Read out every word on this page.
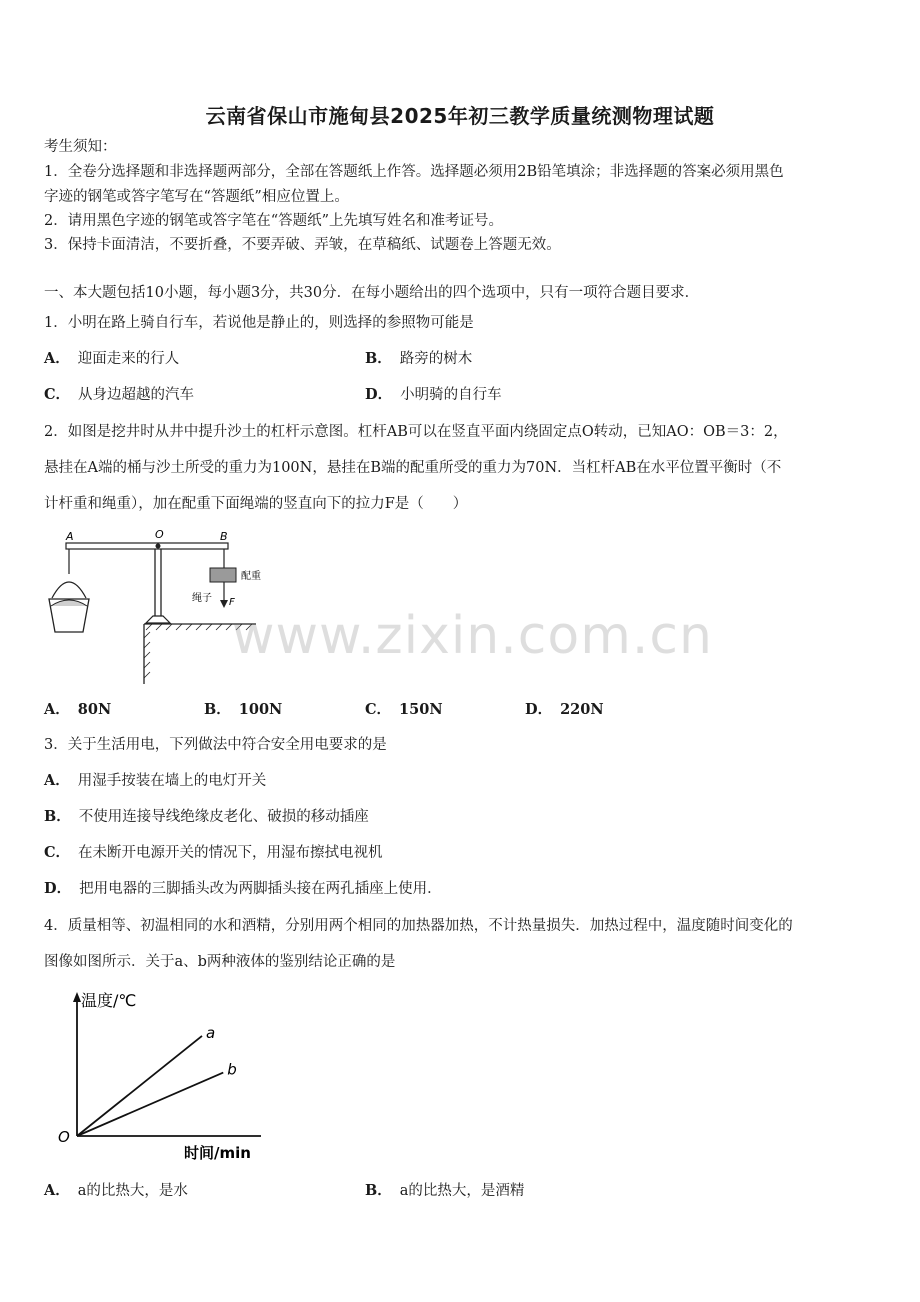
云南省保山市施甸县2025年初三教学质量统测物理试题
考生须知：
1．全卷分选择题和非选择题两部分，全部在答题纸上作答。选择题必须用2B铅笔填涂；非选择题的答案必须用黑色
字迹的钢笔或答字笔写在“答题纸”相应位置上。
2．请用黑色字迹的钢笔或答字笔在“答题纸”上先填写姓名和准考证号。
3．保持卡面清洁，不要折叠，不要弄破、弄皱，在草稿纸、试题卷上答题无效。
一、本大题包括10小题，每小题3分，共30分．在每小题给出的四个选项中，只有一项符合题目要求．
1．小明在路上骑自行车，若说他是静止的，则选择的参照物可能是
A． 迎面走来的行人	B． 路旁的树木
C． 从身边超越的汽车	D． 小明骑的自行车
2．如图是挖井时从井中提升沙土的杠杆示意图。杠杆AB可以在竖直平面内绕固定点O转动，已知AO：OB＝3：2，
悬挂在A端的桶与沙土所受的重力为100N，悬挂在B端的配重所受的重力为70N．当杠杆AB在水平位置平衡时（不
计杆重和绳重），加在配重下面绳端的竖直向下的拉力F是（　　）
A	O	B
配重
绳子 F
www.zixin.com.cn
A． 80N	B． 100N	C． 150N	D． 220N
3．关于生活用电，下列做法中符合安全用电要求的是
A． 用湿手按装在墙上的电灯开关
B． 不使用连接导线绝缘皮老化、破损的移动插座
C． 在未断开电源开关的情况下，用湿布擦拭电视机
D． 把用电器的三脚插头改为两脚插头接在两孔插座上使用．
4．质量相等、初温相同的水和酒精，分别用两个相同的加热器加热，不计热量损失．加热过程中，温度随时间变化的
图像如图所示．关于a、b两种液体的鉴别结论正确的是
温度/℃
时间/min
O
a
b
A． a的比热大，是水	B． a的比热大，是酒精
